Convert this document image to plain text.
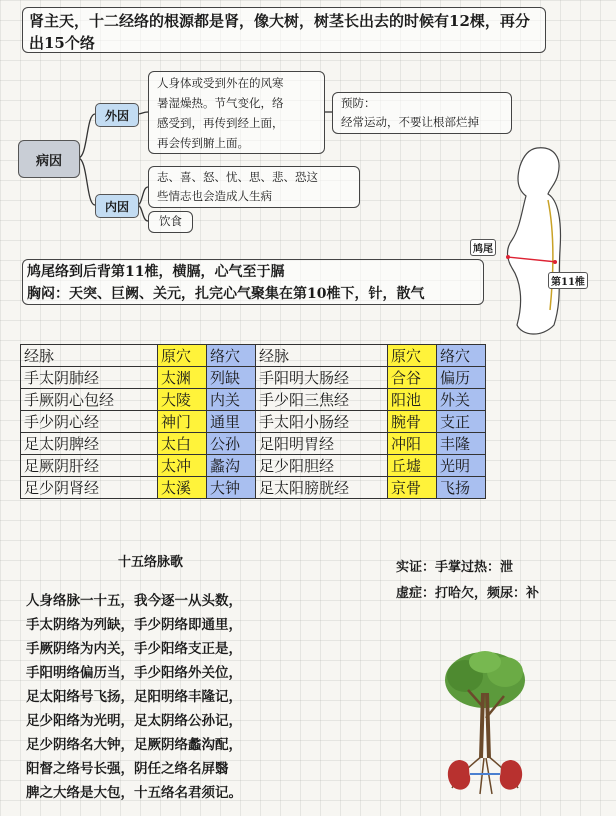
肾主天，十二经络的根源都是肾，像大树，树茎长出去的时候有12棵，再分出15个络
病因
外因
内因
人身体或受到外在的风寒
暑湿燥热。节气变化，络
感受到，再传到经上面，
再会传到腑上面。
预防：
经常运动，不要让根部烂掉
志、喜、怒、忧、思、悲、恐这
些情志也会造成人生病
饮食
鸠尾
第11椎
鸠尾络到后背第11椎，横膈，心气至于膈
胸闷：天突、巨阙、关元，扎完心气聚集在第10椎下，针，散气
经脉	原穴	络穴	经脉	原穴	络穴
手太阴肺经	太渊	列缺	手阳明大肠经	合谷	偏历
手厥阴心包经	大陵	内关	手少阳三焦经	阳池	外关
手少阴心经	神门	通里	手太阳小肠经	腕骨	支正
足太阴脾经	太白	公孙	足阳明胃经	冲阳	丰隆
足厥阴肝经	太冲	蠡沟	足少阳胆经	丘墟	光明
足少阴肾经	太溪	大钟	足太阳膀胱经	京骨	飞扬
十五络脉歌
人身络脉一十五，我今逐一从头数，
手太阴络为列缺，手少阴络即通里，
手厥阴络为内关，手少阳络支正是，
手阳明络偏历当，手少阳络外关位，
足太阳络号飞扬，足阳明络丰隆记，
足少阳络为光明，足太阴络公孙记，
足少阴络名大钟，足厥阴络蠡沟配，
阳督之络号长强，阴任之络名屏翳
脾之大络是大包，十五络名君须记。
实证：手掌过热：泄
虚症：打哈欠，频尿：补
